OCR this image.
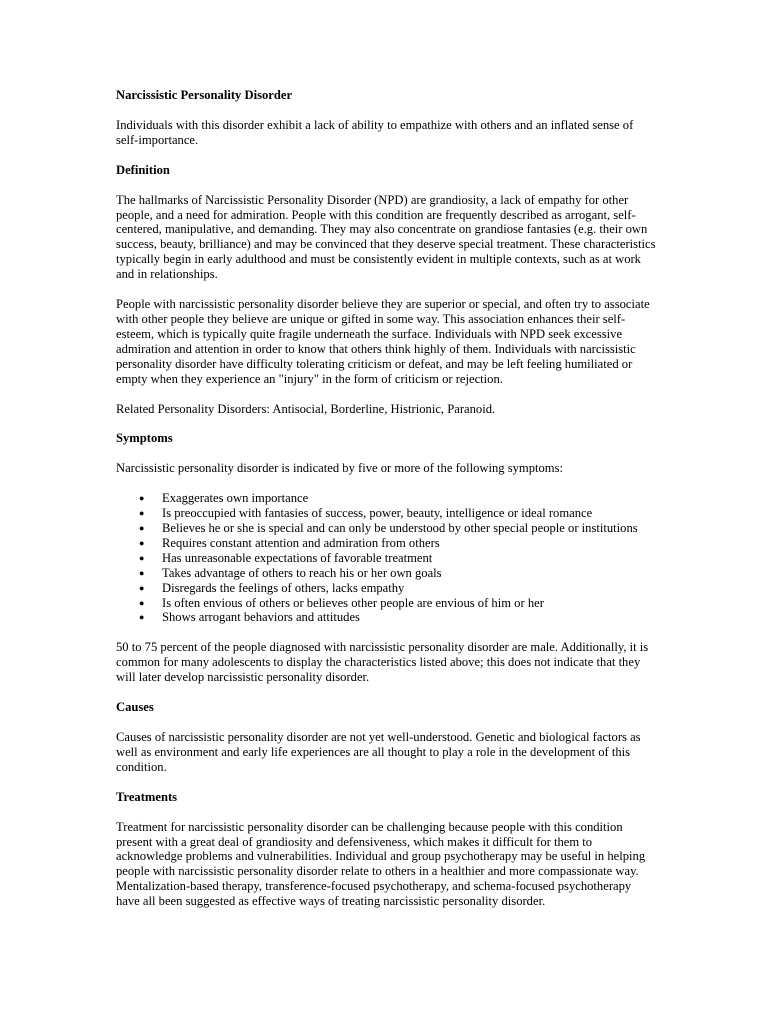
Narcissistic Personality Disorder

Individuals with this disorder exhibit a lack of ability to empathize with others and an inflated sense of self-importance.

Definition

The hallmarks of Narcissistic Personality Disorder (NPD) are grandiosity, a lack of empathy for other people, and a need for admiration. People with this condition are frequently described as arrogant, self-centered, manipulative, and demanding. They may also concentrate on grandiose fantasies (e.g. their own success, beauty, brilliance) and may be convinced that they deserve special treatment. These characteristics typically begin in early adulthood and must be consistently evident in multiple contexts, such as at work and in relationships.

People with narcissistic personality disorder believe they are superior or special, and often try to associate with other people they believe are unique or gifted in some way. This association enhances their self-esteem, which is typically quite fragile underneath the surface. Individuals with NPD seek excessive admiration and attention in order to know that others think highly of them. Individuals with narcissistic personality disorder have difficulty tolerating criticism or defeat, and may be left feeling humiliated or empty when they experience an "injury" in the form of criticism or rejection.

Related Personality Disorders: Antisocial, Borderline, Histrionic, Paranoid.

Symptoms

Narcissistic personality disorder is indicated by five or more of the following symptoms:

● Exaggerates own importance
● Is preoccupied with fantasies of success, power, beauty, intelligence or ideal romance
● Believes he or she is special and can only be understood by other special people or institutions
● Requires constant attention and admiration from others
● Has unreasonable expectations of favorable treatment
● Takes advantage of others to reach his or her own goals
● Disregards the feelings of others, lacks empathy
● Is often envious of others or believes other people are envious of him or her
● Shows arrogant behaviors and attitudes

50 to 75 percent of the people diagnosed with narcissistic personality disorder are male. Additionally, it is common for many adolescents to display the characteristics listed above; this does not indicate that they will later develop narcissistic personality disorder.

Causes

Causes of narcissistic personality disorder are not yet well-understood. Genetic and biological factors as well as environment and early life experiences are all thought to play a role in the development of this condition.

Treatments

Treatment for narcissistic personality disorder can be challenging because people with this condition present with a great deal of grandiosity and defensiveness, which makes it difficult for them to acknowledge problems and vulnerabilities. Individual and group psychotherapy may be useful in helping people with narcissistic personality disorder relate to others in a healthier and more compassionate way. Mentalization-based therapy, transference-focused psychotherapy, and schema-focused psychotherapy have all been suggested as effective ways of treating narcissistic personality disorder.
